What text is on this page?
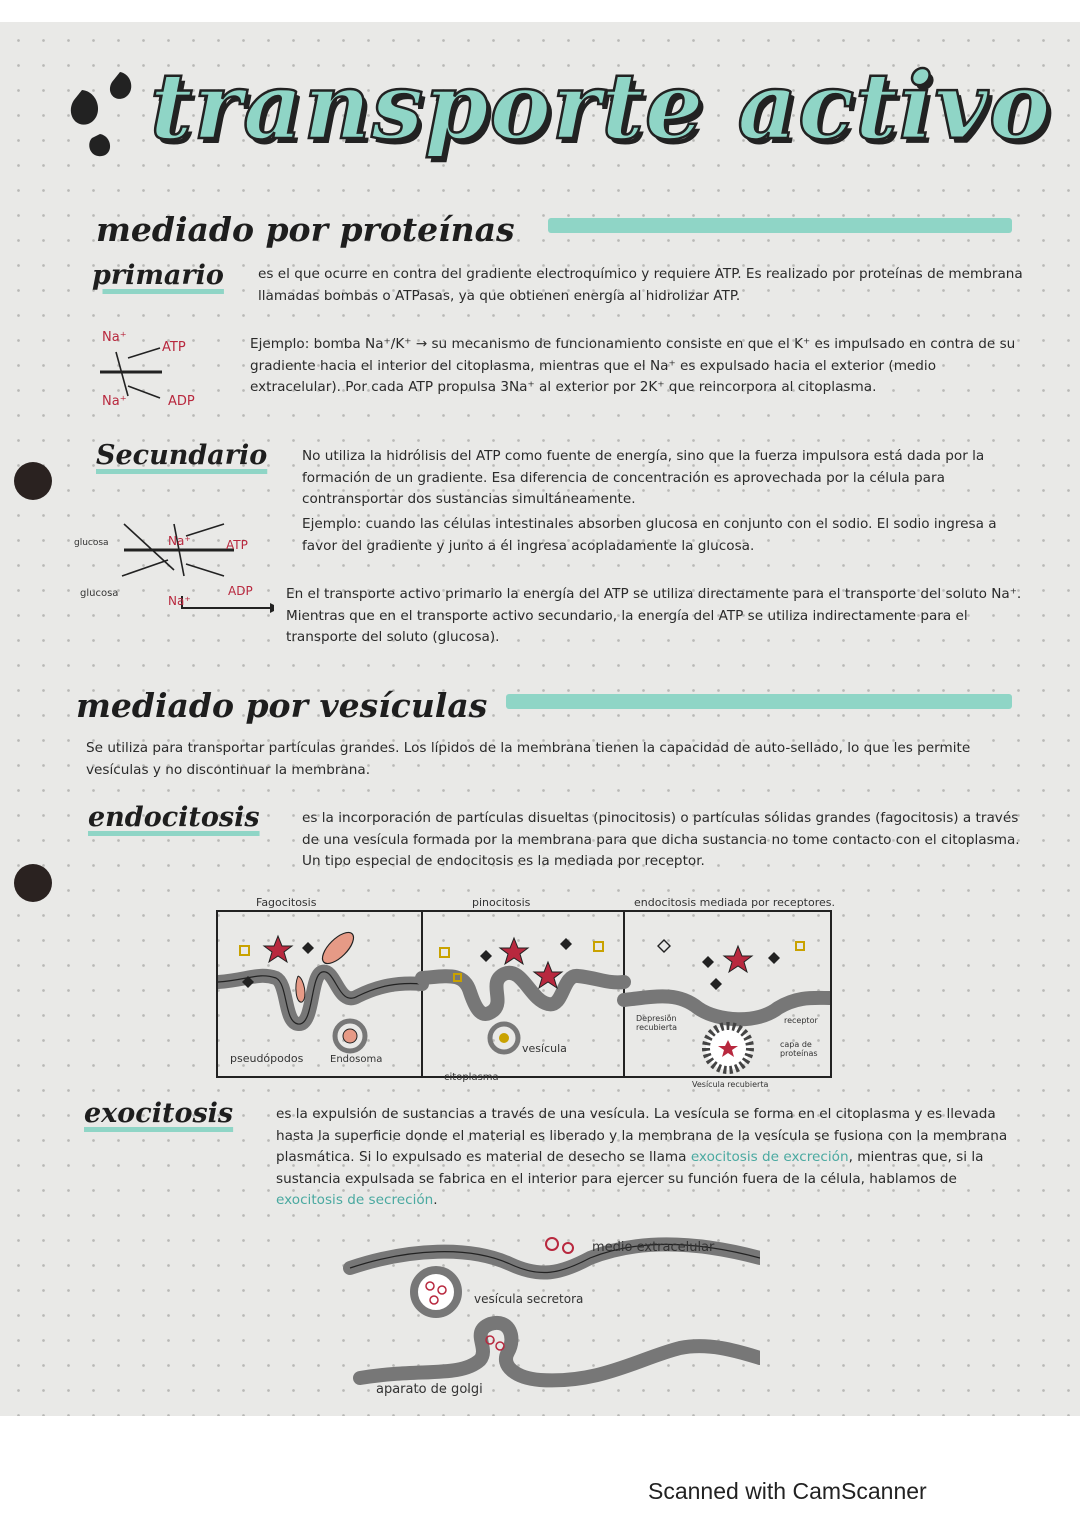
transporte activo
mediado por proteínas
primario	es el que ocurre en contra del gradiente electroquímico y requiere ATP. Es realizado por proteínas de membrana llamadas bombas o ATPasas, ya que obtienen energía al hidrolizar ATP.

Na⁺
ATP
Na⁺	ADP

Ejemplo: bomba Na⁺/K⁺ → su mecanismo de funcionamiento consiste en que el K⁺ es impulsado en contra de su gradiente hacia el interior del citoplasma, mientras que el Na⁺ es expulsado hacia el exterior (medio extracelular). Por cada ATP propulsa 3Na⁺ al exterior por 2K⁺ que reincorpora al citoplasma.

Secundario	No utiliza la hidrólisis del ATP como fuente de energía, sino que la fuerza impulsora está dada por la formación de un gradiente. Esa diferencia de concentración es aprovechada por la célula para contransportar dos sustancias simultáneamente.

Ejemplo: cuando las células intestinales absorben glucosa en conjunto con el sodio. El sodio ingresa a favor del gradiente y junto a él ingresa acopladamente la glucosa.

glucosa	Na⁺	ATP
glucosa
Na⁺
ADP En el transporte activo primario la energía del ATP se utiliza directamente para el transporte del soluto Na⁺. Mientras que en el transporte activo secundario, la energía del ATP se utiliza indirectamente para el transporte del soluto (glucosa).

mediado por vesículas

Se utiliza para transportar partículas grandes. Los lípidos de la membrana tienen la capacidad de auto-sellado, lo que les permite vesículas y no discontinuar la membrana.

endocitosis	es la incorporación de partículas disueltas (pinocitosis) o partículas sólidas grandes (fagocitosis) a través de una vesícula formada por la membrana para que dicha sustancia no tome contacto con el citoplasma. Un tipo especial de endocitosis es la mediada por receptor.

Fagocitosis	pinocitosis	endocitosis mediada por receptores.
pseudópodos	Endosoma
vesícula
citoplasma
Depresión recubierta
receptor
capa de proteínas
Vesícula recubierta
exocitosis	es la expulsión de sustancias a través de una vesícula. La vesícula se forma en el citoplasma y es llevada hasta la superficie donde el material es liberado y la membrana de la vesícula se fusiona con la membrana plasmática. Si lo expulsado es material de desecho se llama exocitosis de excreción, mientras que, si la sustancia expulsada se fabrica en el interior para ejercer su función fuera de la célula, hablamos de exocitosis de secreción.

medio extracelular
vesícula secretora
aparato de golgi
Scanned with CamScanner
